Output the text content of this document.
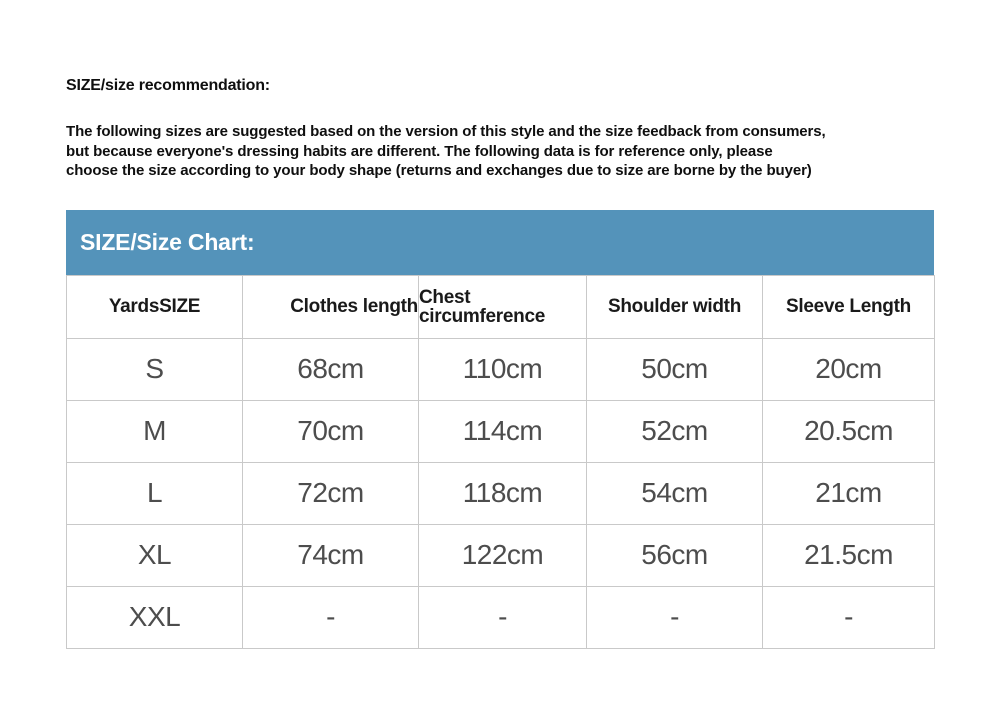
SIZE/size recommendation:
The following sizes are suggested based on the version of this style and the size feedback from consumers,
but because everyone's dressing habits are different. The following data is for reference only, please
choose the size according to your body shape (returns and exchanges due to size are borne by the buyer)
SIZE/Size Chart:
YardsSIZE	Clothes length	Chest circumference	Shoulder width	Sleeve Length
S	68cm	110cm	50cm	20cm
M	70cm	114cm	52cm	20.5cm
L	72cm	118cm	54cm	21cm
XL	74cm	122cm	56cm	21.5cm
XXL	-	-	-	-
